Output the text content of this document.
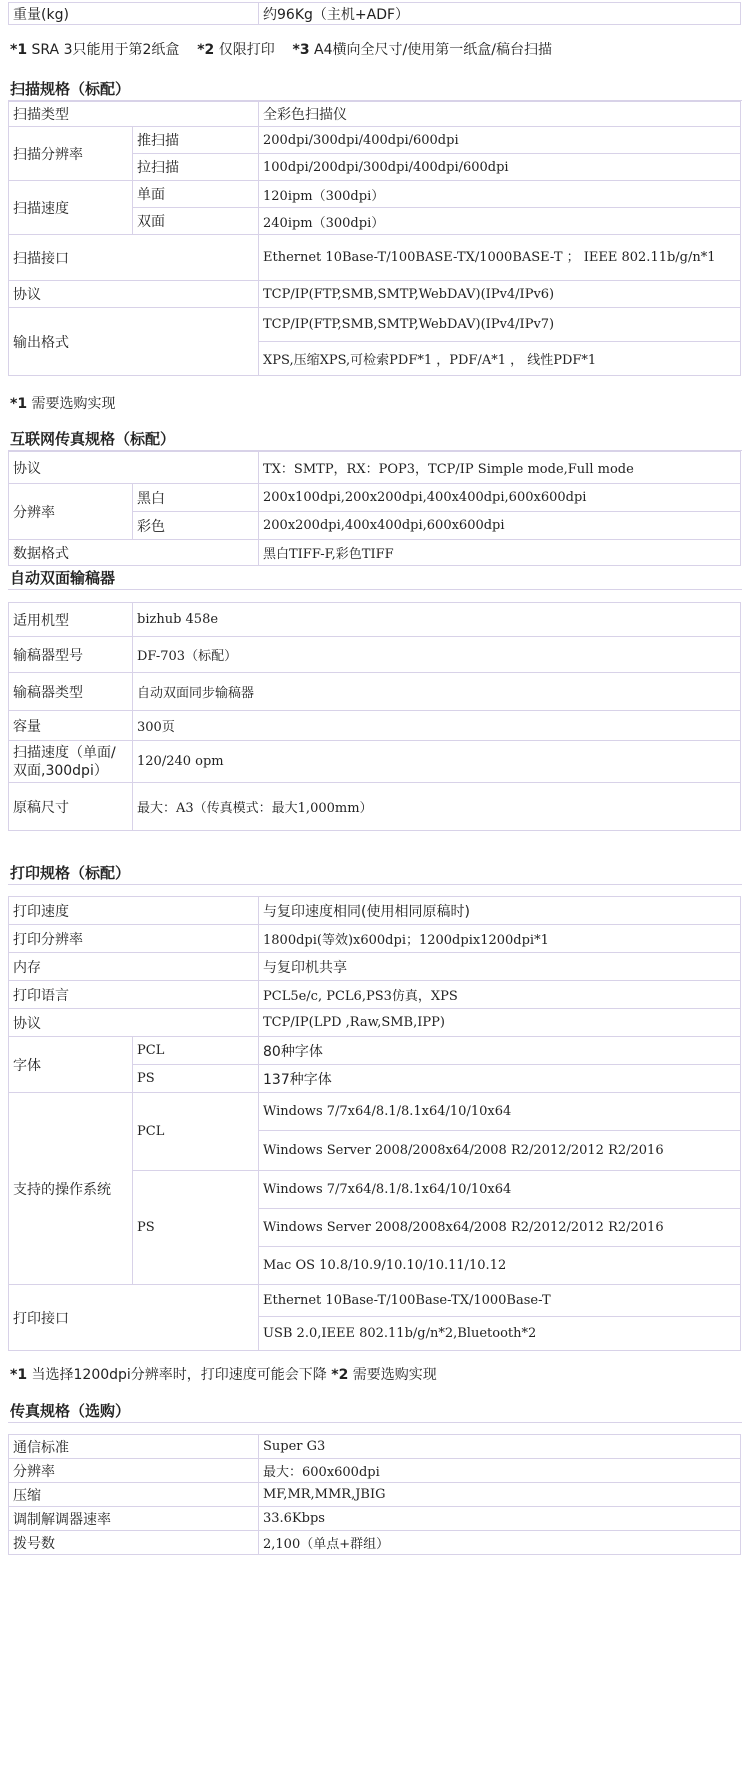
重量(kg)	约96Kg（主机+ADF）
*1 SRA 3只能用于第2纸盒 *2 仅限打印 *3 A4横向全尺寸/使用第一纸盒/稿台扫描
扫描规格（标配）
扫描类型		全彩色扫描仪
扫描分辨率	推扫描	200dpi/300dpi/400dpi/600dpi
	拉扫描	100dpi/200dpi/300dpi/400dpi/600dpi
扫描速度	单面	120ipm（300dpi）
	双面	240ipm（300dpi）
扫描接口		Ethernet 10Base-T/100BASE-TX/1000BASE-T ； IEEE 802.11b/g/n*1
协议		TCP/IP(FTP,SMB,SMTP,WebDAV)(IPv4/IPv6)
输出格式		TCP/IP(FTP,SMB,SMTP,WebDAV)(IPv4/IPv7)
		XPS,压缩XPS,可检索PDF*1 ，PDF/A*1 ， 线性PDF*1
*1 需要选购实现
互联网传真规格（标配）
协议		TX：SMTP，RX：POP3，TCP/IP Simple mode,Full mode
分辨率	黑白	200x100dpi,200x200dpi,400x400dpi,600x600dpi
	彩色	200x200dpi,400x400dpi,600x600dpi
数据格式		黑白TIFF-F,彩色TIFF
自动双面输稿器
适用机型	bizhub 458e
输稿器型号	DF-703（标配）
输稿器类型	自动双面同步输稿器
容量	300页
扫描速度（单面/双面,300dpi）	120/240 opm
原稿尺寸	最大：A3（传真模式：最大1,000mm）
打印规格（标配）
打印速度		与复印速度相同(使用相同原稿时)
打印分辨率		1800dpi(等效)x600dpi；1200dpix1200dpi*1
内存		与复印机共享
打印语言		PCL5e/c, PCL6,PS3仿真，XPS
协议		TCP/IP(LPD ,Raw,SMB,IPP)
字体	PCL	80种字体
	PS	137种字体
支持的操作系统	PCL	Windows 7/7x64/8.1/8.1x64/10/10x64
		Windows Server 2008/2008x64/2008 R2/2012/2012 R2/2016
	PS	Windows 7/7x64/8.1/8.1x64/10/10x64
		Windows Server 2008/2008x64/2008 R2/2012/2012 R2/2016
		Mac OS 10.8/10.9/10.10/10.11/10.12
打印接口		Ethernet 10Base-T/100Base-TX/1000Base-T
		USB 2.0,IEEE 802.11b/g/n*2,Bluetooth*2
*1 当选择1200dpi分辨率时，打印速度可能会下降 *2 需要选购实现
传真规格（选购）
通信标准	Super G3
分辨率	最大：600x600dpi
压缩	MF,MR,MMR,JBIG
调制解调器速率	33.6Kbps
拨号数	2,100（单点+群组）
